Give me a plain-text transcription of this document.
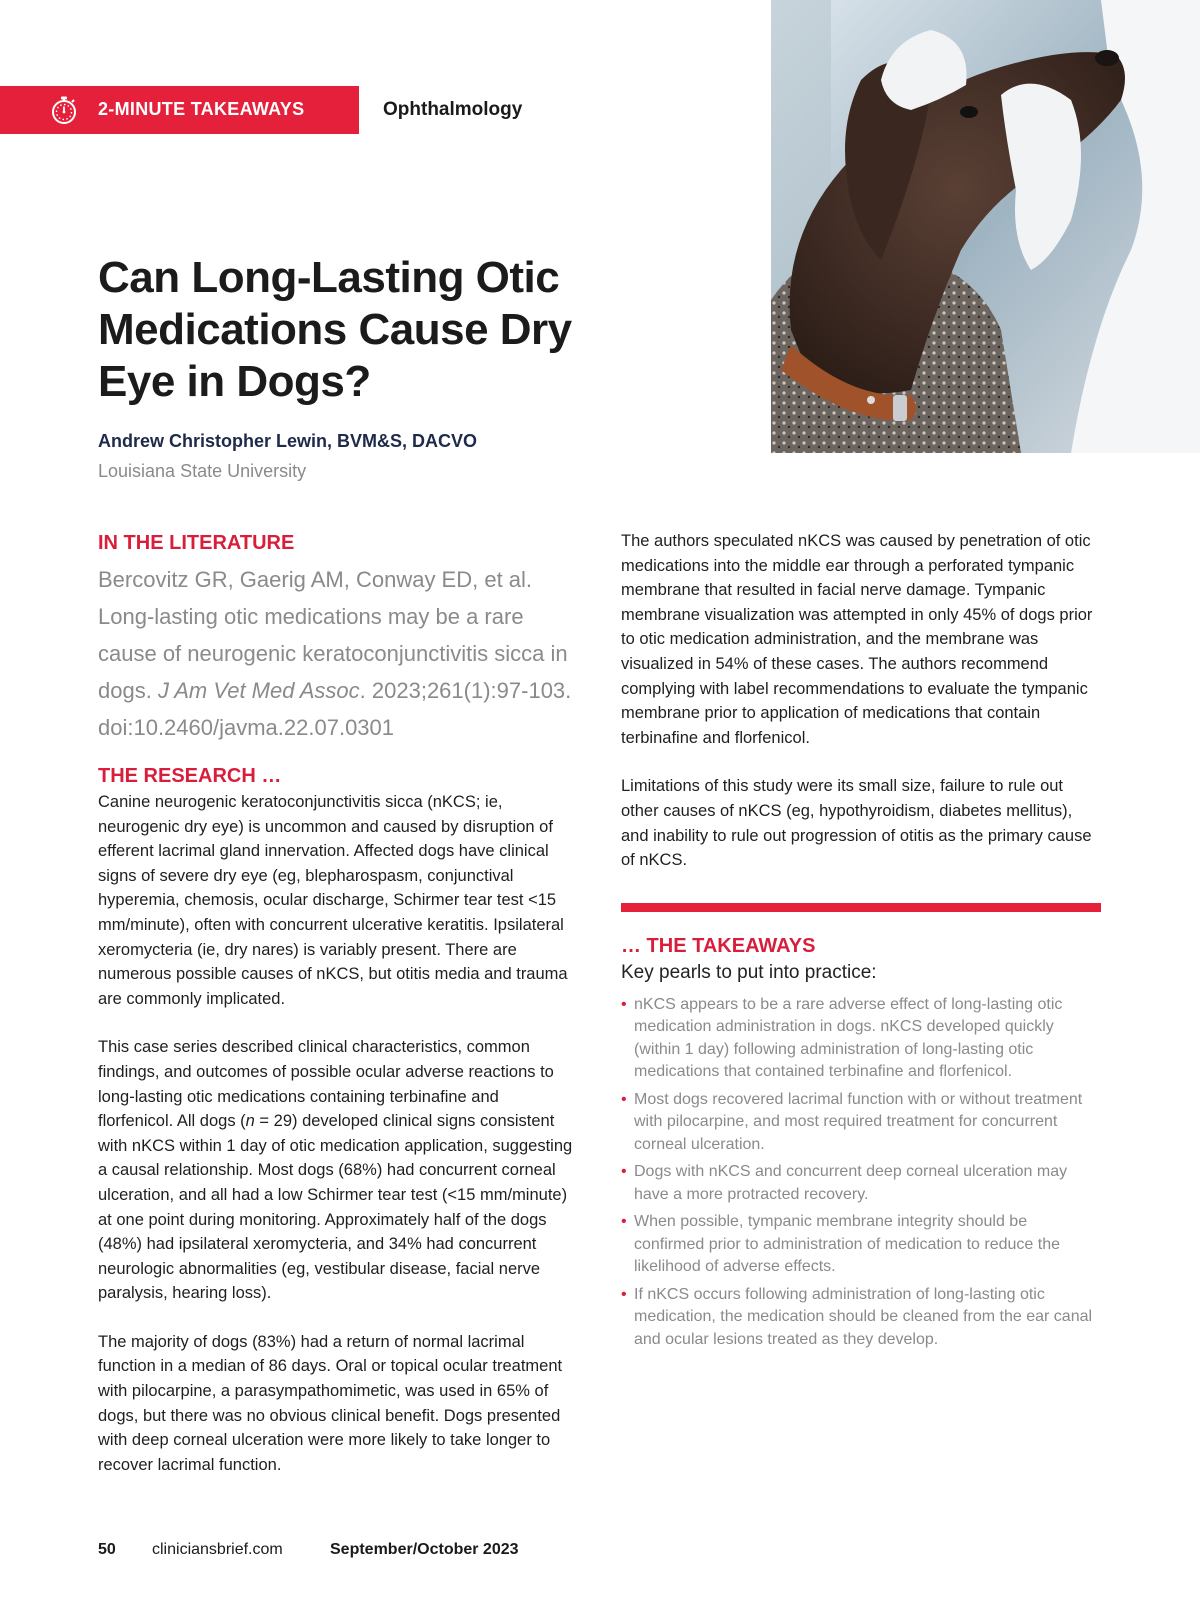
2-MINUTE TAKEAWAYS	Ophthalmology
Can Long-Lasting Otic Medications Cause Dry Eye in Dogs?
Andrew Christopher Lewin, BVM&S, DACVO
Louisiana State University
IN THE LITERATURE

Bercovitz GR, Gaerig AM, Conway ED, et al. Long-lasting otic medications may be a rare cause of neurogenic keratoconjunctivitis sicca in dogs. J Am Vet Med Assoc. 2023;261(1):97-103. doi:10.2460/javma.22.07.0301

THE RESEARCH …

Canine neurogenic keratoconjunctivitis sicca (nKCS; ie, neurogenic dry eye) is uncommon and caused by disruption of efferent lacrimal gland innervation. Affected dogs have clinical signs of severe dry eye (eg, blepharospasm, conjunctival hyperemia, chemosis, ocular discharge, Schirmer tear test <15 mm/minute), often with concurrent ulcerative keratitis. Ipsilateral xeromycteria (ie, dry nares) is variably present. There are numerous possible causes of nKCS, but otitis media and trauma are commonly implicated.

This case series described clinical characteristics, common findings, and outcomes of possible ocular adverse reactions to long-lasting otic medications containing terbinafine and florfenicol. All dogs (n = 29) developed clinical signs consistent with nKCS within 1 day of otic medication application, suggesting a causal relationship. Most dogs (68%) had concurrent corneal ulceration, and all had a low Schirmer tear test (<15 mm/minute) at one point during monitoring. Approximately half of the dogs (48%) had ipsilateral xeromycteria, and 34% had concurrent neurologic abnormalities (eg, vestibular disease, facial nerve paralysis, hearing loss).

The majority of dogs (83%) had a return of normal lacrimal function in a median of 86 days. Oral or topical ocular treatment with pilocarpine, a parasympathomimetic, was used in 65% of dogs, but there was no obvious clinical benefit. Dogs presented with deep corneal ulceration were more likely to take longer to recover lacrimal function.

The authors speculated nKCS was caused by penetration of otic medications into the middle ear through a perforated tympanic membrane that resulted in facial nerve damage. Tympanic membrane visualization was attempted in only 45% of dogs prior to otic medication administration, and the membrane was visualized in 54% of these cases. The authors recommend complying with label recommendations to evaluate the tympanic membrane prior to application of medications that contain terbinafine and florfenicol.

Limitations of this study were its small size, failure to rule out other causes of nKCS (eg, hypothyroidism, diabetes mellitus), and inability to rule out progression of otitis as the primary cause of nKCS.

… THE TAKEAWAYS

Key pearls to put into practice:

• nKCS appears to be a rare adverse effect of long-lasting otic medication administration in dogs. nKCS developed quickly (within 1 day) following administration of long-lasting otic medications that contained terbinafine and florfenicol.
• Most dogs recovered lacrimal function with or without treatment with pilocarpine, and most required treatment for concurrent corneal ulceration.
• Dogs with nKCS and concurrent deep corneal ulceration may have a more protracted recovery.
• When possible, tympanic membrane integrity should be confirmed prior to administration of medication to reduce the likelihood of adverse effects.
• If nKCS occurs following administration of long-lasting otic medication, the medication should be cleaned from the ear canal and ocular lesions treated as they develop.
50	cliniciansbrief.com	September/October 2023
